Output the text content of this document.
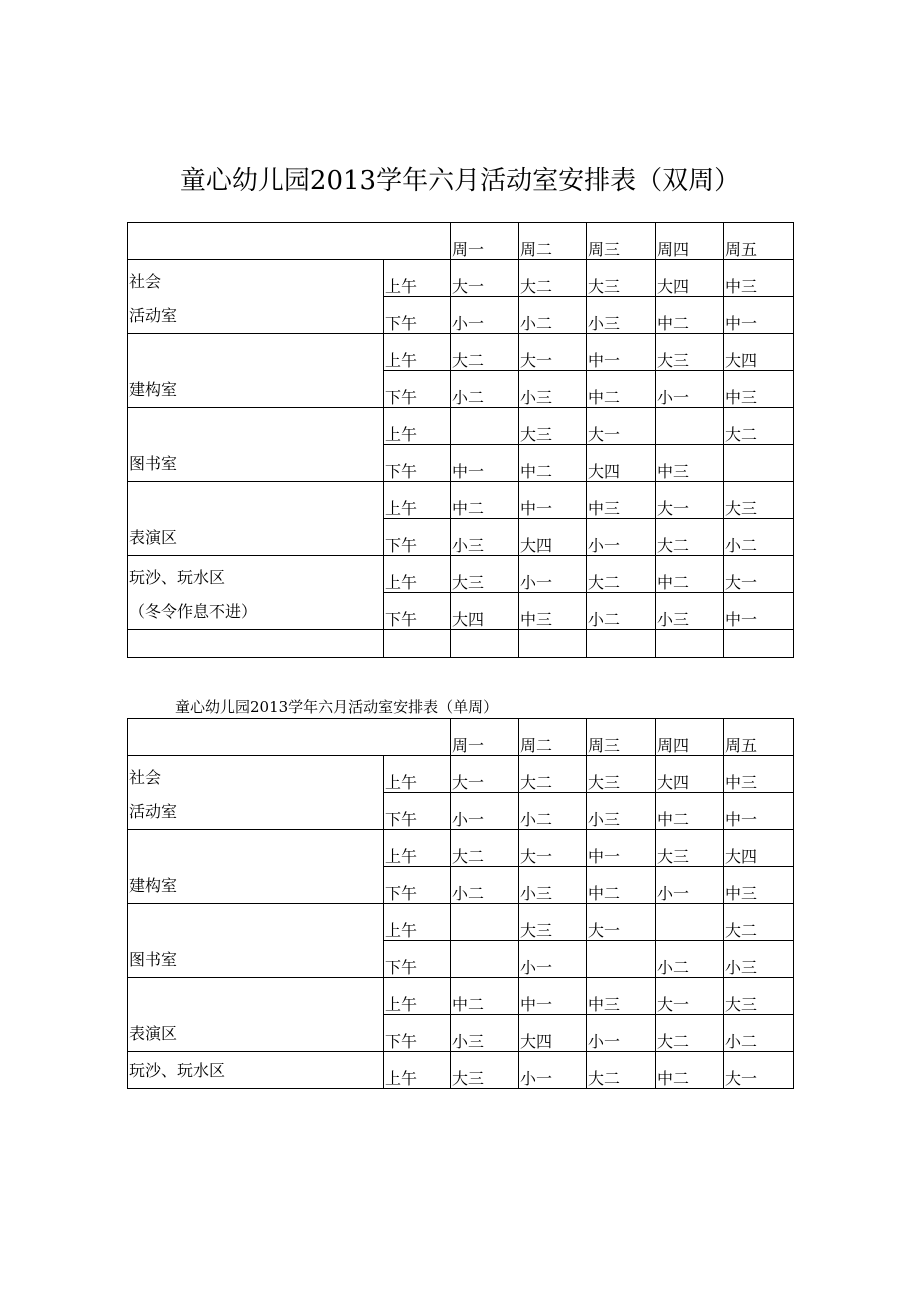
童心幼儿园2013学年六月活动室安排表（双周）
		周一	周二	周三	周四	周五

社会
活动室	上午	大一	大二	大三	大四	中三
	下午	小一	小二	小三	中二	中一

建构室	上午	大二	大一	中一	大三	大四
	下午	小二	小三	中二	小一	中三

图书室	上午		大三	大一		大二
	下午	中一	中二	大四	中三	

表演区	上午	中二	中一	中三	大一	大三
	下午	小三	大四	小一	大二	小二

玩沙、玩水区
（冬令作息不进）	上午	大三	小一	大二	中二	大一
	下午	大四	中三	小二	小三	中一

童心幼儿园2013学年六月活动室安排表（单周）
		周一	周二	周三	周四	周五

社会
活动室	上午	大一	大二	大三	大四	中三
	下午	小一	小二	小三	中二	中一

建构室	上午	大二	大一	中一	大三	大四
	下午	小二	小三	中二	小一	中三

图书室	上午		大三	大一		大二
	下午		小一		小二	小三

表演区	上午	中二	中一	中三	大一	大三
	下午	小三	大四	小一	大二	小二

玩沙、玩水区	上午	大三	小一	大二	中二	大一
